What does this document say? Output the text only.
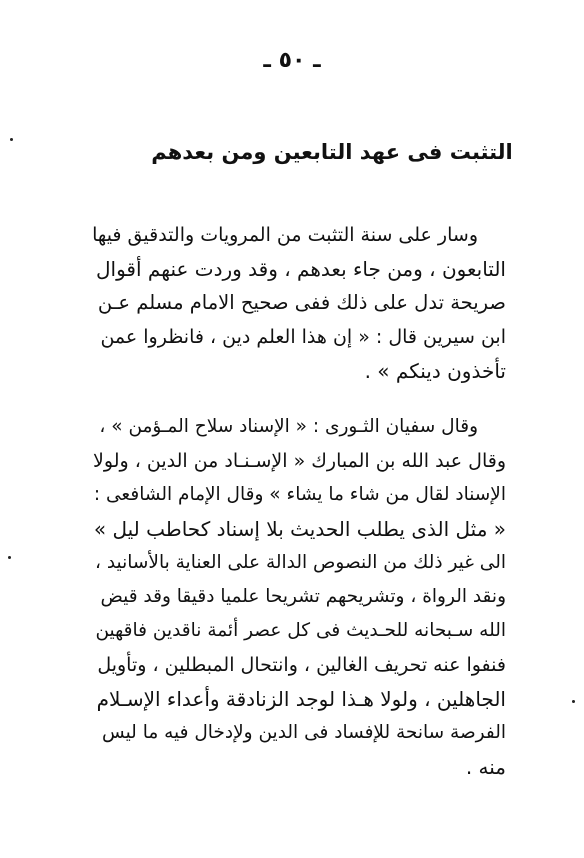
ـ ٥٠ ـ
التثبت فى عهد التابعين ومن بعدهم
وسار على سنة التثبت من المرويات والتدقيق فيها
التابعون ، ومن جاء بعدهم ، وقد وردت عنهم أقوال
صريحة تدل على ذلك ففى صحيح الامام مسلم عـن
ابن سيرين قال : « إن هذا العلم دين ، فانظروا عمن
تأخذون دينكم » .
وقال سفيان الثـورى : « الإسناد سلاح المـؤمن » ،
وقال عبد الله بن المبارك « الإسـنـاد من الدين ، ولولا
الإسناد لقال من شاء ما يشاء » وقال الإمام الشافعى :
« مثل الذى يطلب الحديث بلا إسناد كحاطب ليل »
الى غير ذلك من النصوص الدالة على العناية بالأسانيد ،
ونقد الرواة ، وتشريحهم تشريحا علميا دقيقا وقد قيض
الله سـبحانه للحـديث فى كل عصر أئمة ناقدين فاقهين
فنفوا عنه تحريف الغالين ، وانتحال المبطلين ، وتأويل
الجاهلين ، ولولا هـذا لوجد الزنادقة وأعداء الإسـلام
الفرصة سانحة للإفساد فى الدين ولإدخال فيه ما ليس
منه .
